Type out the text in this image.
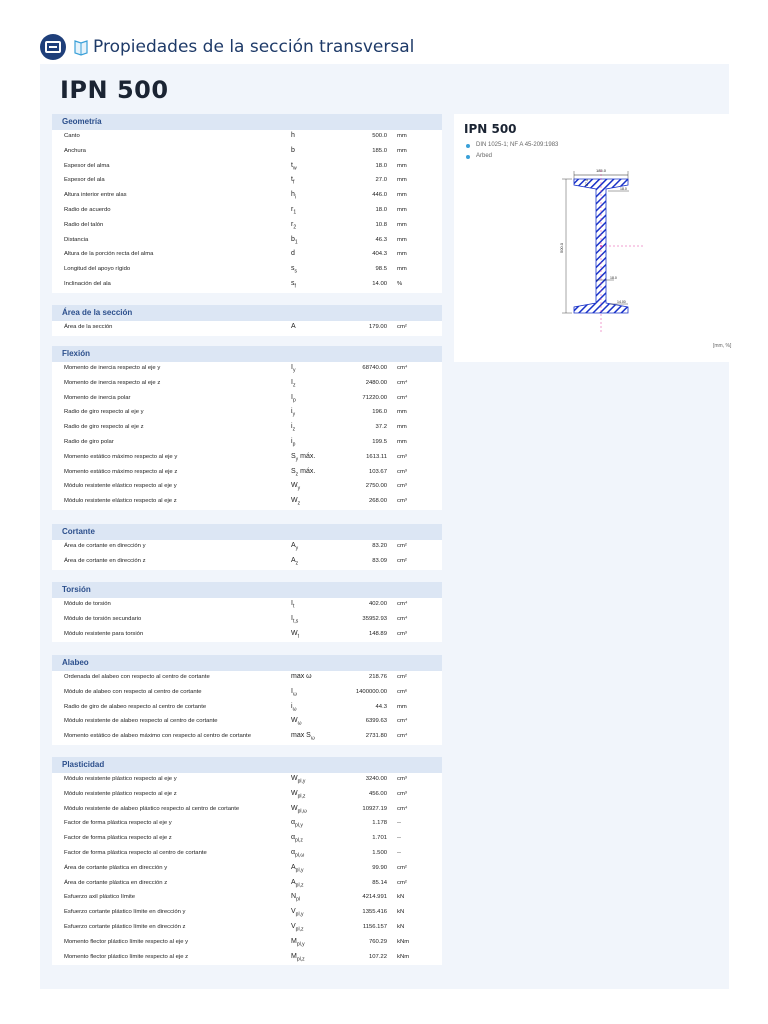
Propiedades de la sección transversal
IPN 500
Geometría
Canto	h	500.0 mm
Anchura	b	185.0 mm
Espesor del alma	$t_w$	18.0 mm
Espesor del ala	$t_f$	27.0 mm
Altura interior entre alas	$h_i$	446.0 mm
Radio de acuerdo	$r_1$	18.0 mm
Radio del talón	$r_2$	10.8 mm
Distancia	$b_1$	46.3 mm
Altura de la porción recta del alma	d	404.3 mm
Longitud del apoyo rígido	$s_s$	98.5 mm
Inclinación del ala	$s_f$	14.00 %
Área de la sección
Área de la sección	A	179.00 cm²
Flexión
Momento de inercia respecto al eje y	$I_y$	68740.00 cm⁴
Momento de inercia respecto al eje z	$I_z$	2480.00 cm⁴
Momento de inercia polar	$I_p$	71220.00 cm⁴
Radio de giro respecto al eje y	$i_y$	196.0 mm
Radio de giro respecto al eje z	$i_z$	37.2 mm
Radio de giro polar	$i_p$	199.5 mm
Momento estático máximo respecto al eje y	$S_y$ máx.	1613.11 cm³
Momento estático máximo respecto al eje z	$S_z$ máx.	103.67 cm³
Módulo resistente elástico respecto al eje y	$W_y$	2750.00 cm³
Módulo resistente elástico respecto al eje z	$W_z$	268.00 cm³
Cortante
Área de cortante en dirección y	$A_y$	83.20 cm²
Área de cortante en dirección z	$A_z$	83.09 cm²
Torsión
Módulo de torsión	$I_t$	402.00 cm⁴
Módulo de torsión secundario	$I_{t,s}$	35952.93 cm⁴
Módulo resistente para torsión	$W_t$	148.89 cm³
Alabeo
Ordenada del alabeo con respecto al centro de cortante	max ω	218.76 cm²
Módulo de alabeo con respecto al centro de cortante	$I_\omega$	1400000.00 cm⁶
Radio de giro de alabeo respecto al centro de cortante	$i_\omega$	44.3 mm
Módulo resistente de alabeo respecto al centro de cortante	$W_\omega$	6399.63 cm⁴
Momento estático de alabeo máximo con respecto al centro de cortante	$\max S_\omega$	2731.80 cm⁴
Plasticidad
Módulo resistente plástico respecto al eje y	$W_{pl,y}$	3240.00 cm³
Módulo resistente plástico respecto al eje z	$W_{pl,z}$	456.00 cm³
Módulo resistente de alabeo plástico respecto al centro de cortante	$W_{pl,\omega}$	10927.19 cm⁴
Factor de forma plástica respecto al eje y	$\alpha_{pl,y}$	1.178 --
Factor de forma plástica respecto al eje z	$\alpha_{pl,z}$	1.701 --
Factor de forma plástica respecto al centro de cortante	$\alpha_{pl,\omega}$	1.500 --
Área de cortante plástica en dirección y	$A_{pl,y}$	99.90 cm²
Área de cortante plástica en dirección z	$A_{pl,z}$	85.14 cm²
Esfuerzo axil plástico límite	$N_{pl}$	4214.991 kN
Esfuerzo cortante plástico límite en dirección y	$V_{pl,y}$	1355.416 kN
Esfuerzo cortante plástico límite en dirección z	$V_{pl,z}$	1156.157 kN
Momento flector plástico límite respecto al eje y	$M_{pl,y}$	760.29 kNm
Momento flector plástico límite respecto al eje z	$M_{pl,z}$	107.22 kNm
IPN 500
DIN 1025-1; NF A 45-209:1983
Arbed
185.0
500.0
27.0
18.0
18.0
14.00
[mm, %]
